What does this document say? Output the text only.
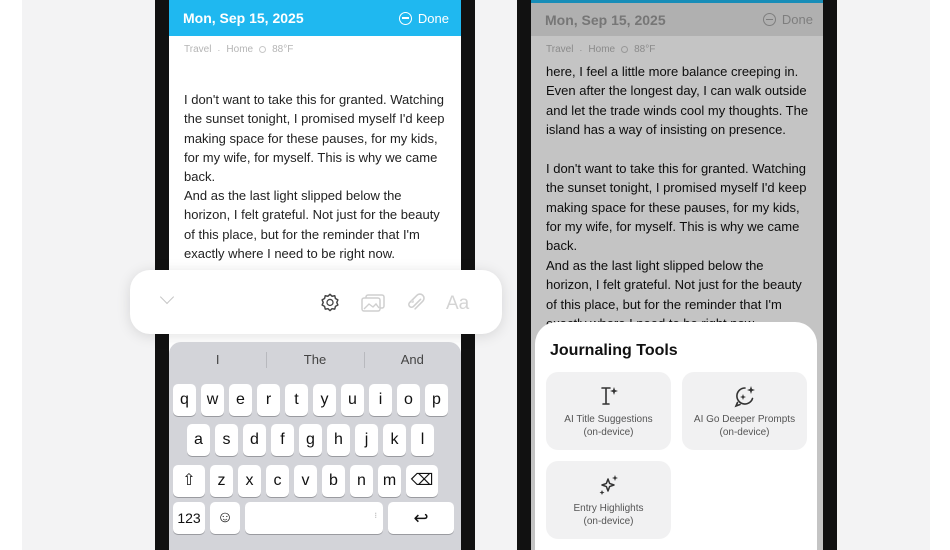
Mon, Sep 15, 2025	Done
Travel · Home 88°F

I don't want to take this for granted. Watching the sunset tonight, I promised myself I'd keep making space for these pauses, for my kids, for my wife, for myself. This is why we came back.

And as the last light slipped below the horizon, I felt grateful. Not just for the beauty of this place, but for the reminder that I'm exactly where I need to be right now.

Aa
I	The	And
q	w	e	r	t	y	u	i	o	p
a	s	d	f	g	h	j	k	l
⇧	z	x	c	v	b	n	m ⌫
123	☺	⁝	↩
Mon, Sep 15, 2025	Done
Travel · Home 88°F

here, I feel a little more balance creeping in. Even after the longest day, I can walk outside and let the trade winds cool my thoughts. The island has a way of insisting on presence.

I don't want to take this for granted. Watching the sunset tonight, I promised myself I'd keep making space for these pauses, for my kids, for my wife, for myself. This is why we came back.

And as the last light slipped below the horizon, I felt grateful. Not just for the beauty of this place, but for the reminder that I'm

Journaling Tools
AI Title Suggestions
(on-device)
AI Go Deeper Prompts
(on-device)
Entry Highlights
(on-device)
